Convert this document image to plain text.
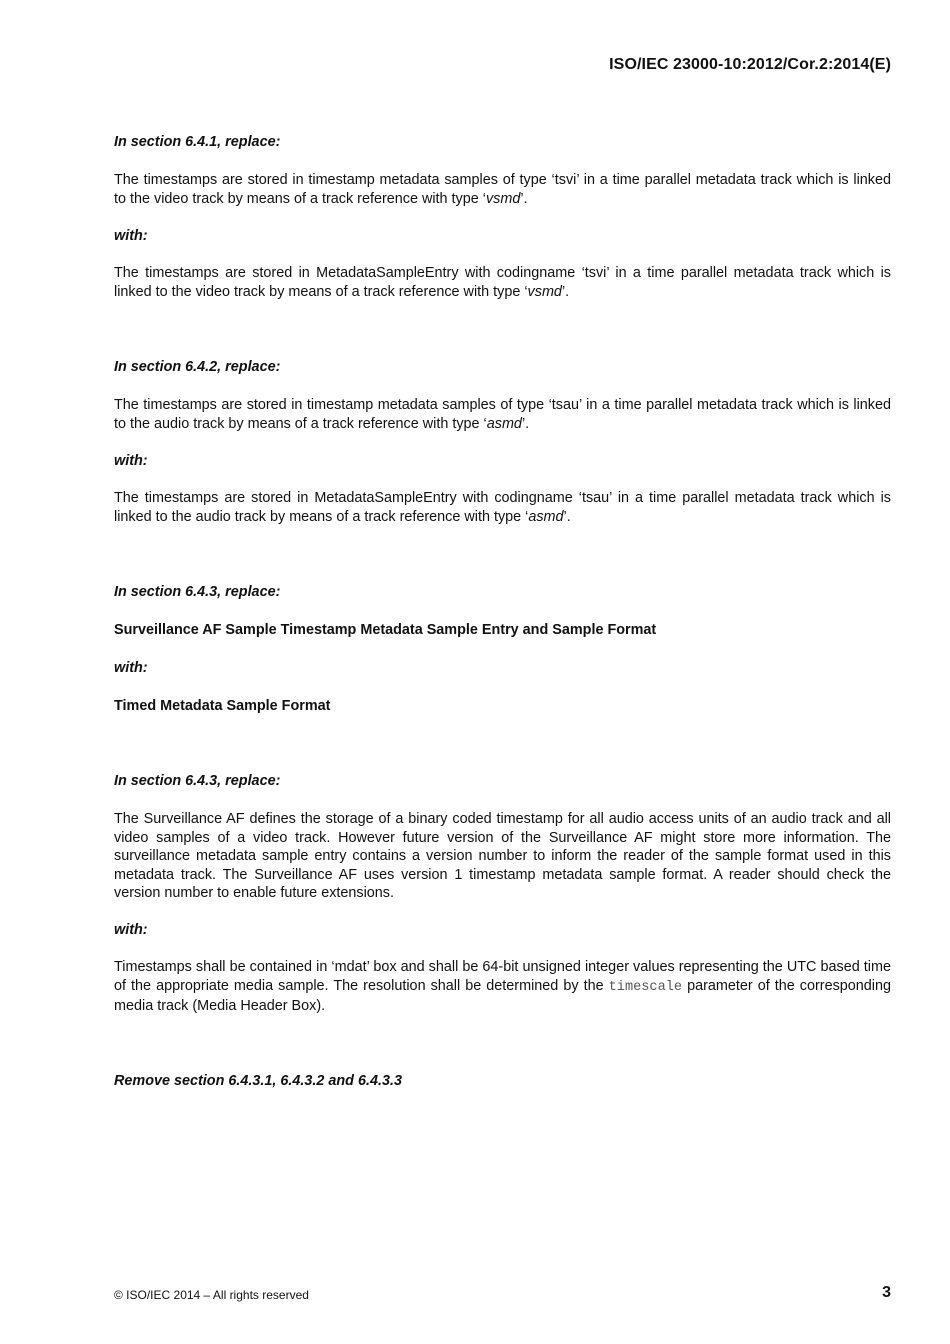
ISO/IEC 23000-10:2012/Cor.2:2014(E)
In section 6.4.1, replace:
The timestamps are stored in timestamp metadata samples of type ‘tsvi’ in a time parallel metadata track which is linked to the video track by means of a track reference with type ‘vsmd’.
with:
The timestamps are stored in MetadataSampleEntry with codingname ‘tsvi’ in a time parallel metadata track which is linked to the video track by means of a track reference with type ‘vsmd’.
In section 6.4.2, replace:
The timestamps are stored in timestamp metadata samples of type ‘tsau’ in a time parallel metadata track which is linked to the audio track by means of a track reference with type ‘asmd’.
with:
The timestamps are stored in MetadataSampleEntry with codingname ‘tsau’ in a time parallel metadata track which is linked to the audio track by means of a track reference with type ‘asmd’.
In section 6.4.3, replace:
Surveillance AF Sample Timestamp Metadata Sample Entry and Sample Format
with:
Timed Metadata Sample Format
In section 6.4.3, replace:
The Surveillance AF defines the storage of a binary coded timestamp for all audio access units of an audio track and all video samples of a video track. However future version of the Surveillance AF might store more information. The surveillance metadata sample entry contains a version number to inform the reader of the sample format used in this metadata track. The Surveillance AF uses version 1 timestamp metadata sample format. A reader should check the version number to enable future extensions.
with:
Timestamps shall be contained in ‘mdat’ box and shall be 64-bit unsigned integer values representing the UTC based time of the appropriate media sample. The resolution shall be determined by the timescale parameter of the corresponding media track (Media Header Box).
Remove section 6.4.3.1, 6.4.3.2 and 6.4.3.3
© ISO/IEC 2014 – All rights reserved	3
